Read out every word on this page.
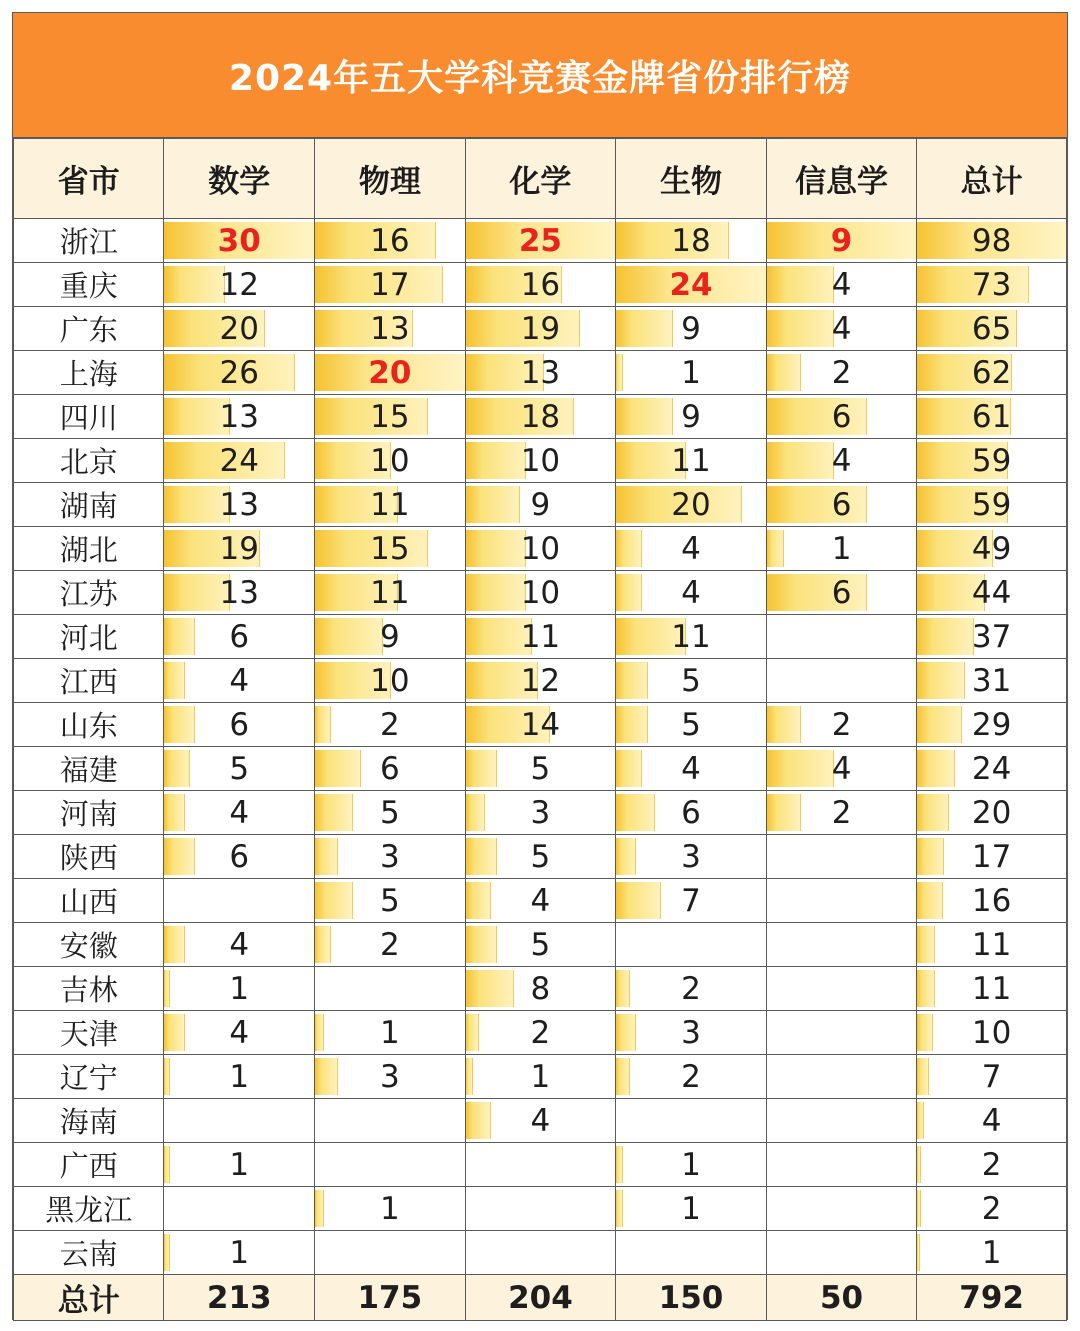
2024年五大学科竞赛金牌省份排行榜
省市	数学	物理	化学	生物	信息学	总计
浙江	30	16	25	18	9	98
重庆	12	17	16	24	4	73
广东	20	13	19	9	4	65
上海	26	20	13	1	2	62
四川	13	15	18	9	6	61
北京	24	10	10	11	4	59
湖南	13	11	9	20	6	59
湖北	19	15	10	4	1	49
江苏	13	11	10	4	6	44
河北	6	9	11	11		37
江西	4	10	12	5		31
山东	6	2	14	5	2	29
福建	5	6	5	4	4	24
河南	4	5	3	6	2	20
陕西	6	3	5	3		17
山西		5	4	7		16
安徽	4	2	5			11
吉林	1		8	2		11
天津	4	1	2	3		10
辽宁	1	3	1	2		7
海南			4			4
广西	1			1		2
黑龙江		1		1		2
云南	1					1
总计	213	175	204	150	50	792
